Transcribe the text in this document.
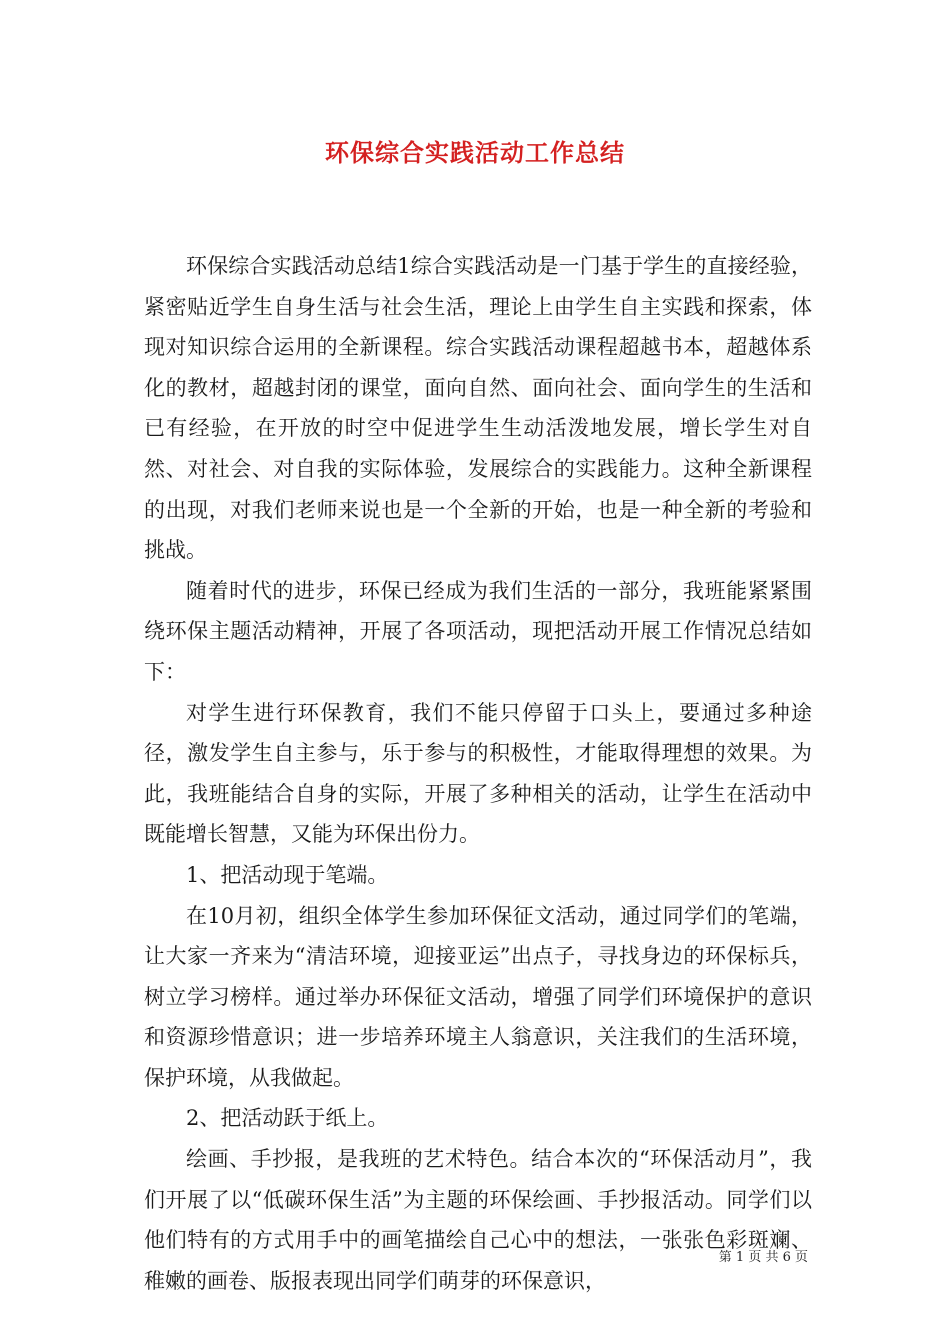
环保综合实践活动工作总结

环保综合实践活动总结1综合实践活动是一门基于学生的直接经验，紧密贴近学生自身生活与社会生活，理论上由学生自主实践和探索，体现对知识综合运用的全新课程。综合实践活动课程超越书本，超越体系化的教材，超越封闭的课堂，面向自然、面向社会、面向学生的生活和已有经验，在开放的时空中促进学生生动活泼地发展，增长学生对自然、对社会、对自我的实际体验，发展综合的实践能力。这种全新课程的出现，对我们老师来说也是一个全新的开始，也是一种全新的考验和挑战。

随着时代的进步，环保已经成为我们生活的一部分，我班能紧紧围绕环保主题活动精神，开展了各项活动，现把活动开展工作情况总结如下：

对学生进行环保教育，我们不能只停留于口头上，要通过多种途径，激发学生自主参与，乐于参与的积极性，才能取得理想的效果。为此，我班能结合自身的实际，开展了多种相关的活动，让学生在活动中既能增长智慧，又能为环保出份力。

1、把活动现于笔端。

在10月初，组织全体学生参加环保征文活动，通过同学们的笔端，让大家一齐来为“清洁环境，迎接亚运”出点子，寻找身边的环保标兵，树立学习榜样。通过举办环保征文活动，增强了同学们环境保护的意识和资源珍惜意识；进一步培养环境主人翁意识，关注我们的生活环境，保护环境，从我做起。

2、把活动跃于纸上。

绘画、手抄报，是我班的艺术特色。结合本次的“环保活动月”，我们开展了以“低碳环保生活”为主题的环保绘画、手抄报活动。同学们以他们特有的方式用手中的画笔描绘自己心中的想法，一张张色彩斑斓、稚嫩的画卷、版报表现出同学们萌芽的环保意识，

第 1 页 共 6 页
